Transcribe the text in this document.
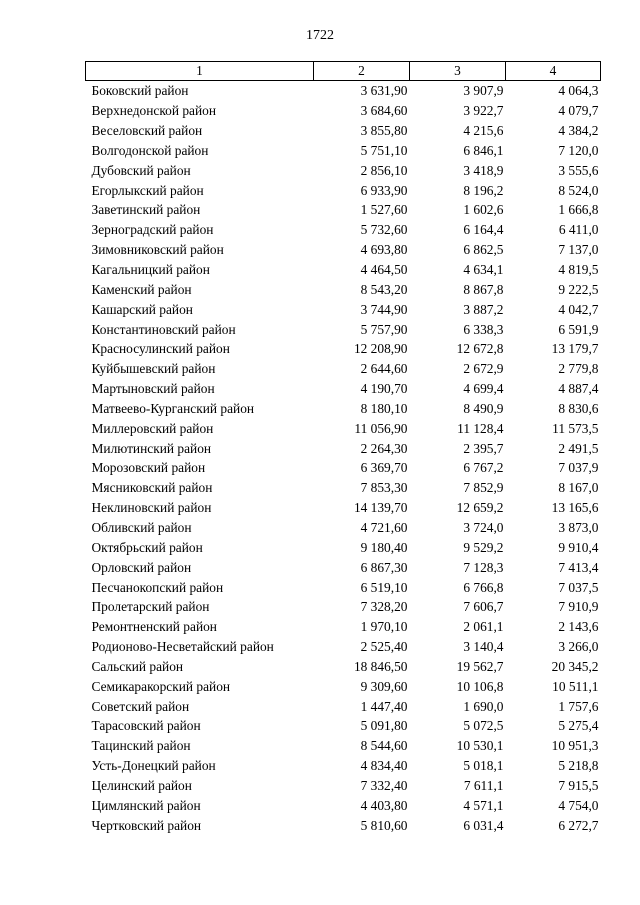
1722
1	2	3	4
Боковский район	3 631,90	3 907,9	4 064,3
Верхнедонской район	3 684,60	3 922,7	4 079,7
Веселовский район	3 855,80	4 215,6	4 384,2
Волгодонской район	5 751,10	6 846,1	7 120,0
Дубовский район	2 856,10	3 418,9	3 555,6
Егорлыкский район	6 933,90	8 196,2	8 524,0
Заветинский район	1 527,60	1 602,6	1 666,8
Зерноградский район	5 732,60	6 164,4	6 411,0
Зимовниковский район	4 693,80	6 862,5	7 137,0
Кагальницкий район	4 464,50	4 634,1	4 819,5
Каменский район	8 543,20	8 867,8	9 222,5
Кашарский район	3 744,90	3 887,2	4 042,7
Константиновский район	5 757,90	6 338,3	6 591,9
Красносулинский район	12 208,90	12 672,8	13 179,7
Куйбышевский район	2 644,60	2 672,9	2 779,8
Мартыновский район	4 190,70	4 699,4	4 887,4
Матвеево-Курганский район	8 180,10	8 490,9	8 830,6
Миллеровский район	11 056,90	11 128,4	11 573,5
Милютинский район	2 264,30	2 395,7	2 491,5
Морозовский район	6 369,70	6 767,2	7 037,9
Мясниковский район	7 853,30	7 852,9	8 167,0
Неклиновский район	14 139,70	12 659,2	13 165,6
Обливский район	4 721,60	3 724,0	3 873,0
Октябрьский район	9 180,40	9 529,2	9 910,4
Орловский район	6 867,30	7 128,3	7 413,4
Песчанокопский район	6 519,10	6 766,8	7 037,5
Пролетарский район	7 328,20	7 606,7	7 910,9
Ремонтненский район	1 970,10	2 061,1	2 143,6
Родионово-Несветайский район	2 525,40	3 140,4	3 266,0
Сальский район	18 846,50	19 562,7	20 345,2
Семикаракорский район	9 309,60	10 106,8	10 511,1
Советский район	1 447,40	1 690,0	1 757,6
Тарасовский район	5 091,80	5 072,5	5 275,4
Тацинский район	8 544,60	10 530,1	10 951,3
Усть-Донецкий район	4 834,40	5 018,1	5 218,8
Целинский район	7 332,40	7 611,1	7 915,5
Цимлянский район	4 403,80	4 571,1	4 754,0
Чертковский район	5 810,60	6 031,4	6 272,7
